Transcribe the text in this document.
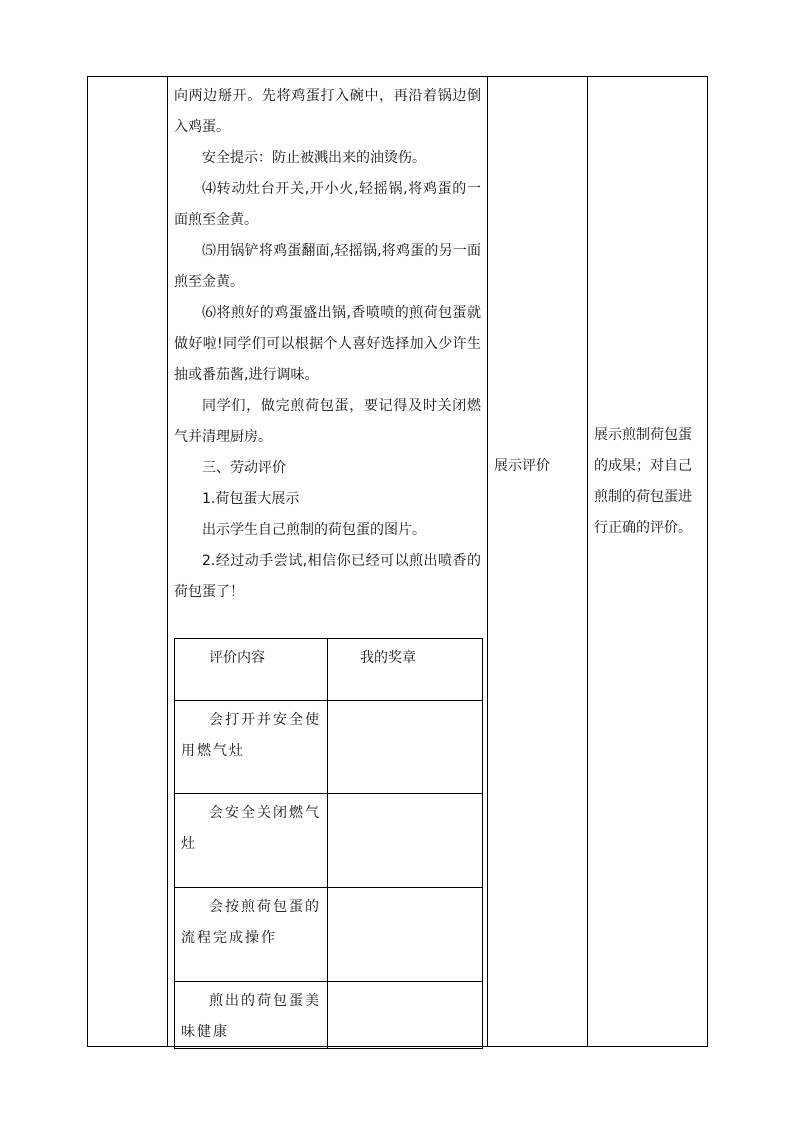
向两边掰开。先将鸡蛋打入碗中，再沿着锅边倒入鸡蛋。

安全提示：防止被溅出来的油烫伤。

⑷转动灶台开关,开小火,轻摇锅,将鸡蛋的一面煎至金黄。

⑸用锅铲将鸡蛋翻面,轻摇锅,将鸡蛋的另一面煎至金黄。

⑹将煎好的鸡蛋盛出锅,香喷喷的煎荷包蛋就做好啦!同学们可以根据个人喜好选择加入少许生抽或番茄酱,进行调味。

同学们，做完煎荷包蛋，要记得及时关闭燃气并清理厨房。

三、劳动评价

1.荷包蛋大展示

出示学生自己煎制的荷包蛋的图片。

2.经过动手尝试,相信你已经可以煎出喷香的荷包蛋了！

评价内容	我的奖章
会打开并安全使用燃气灶	
会安全关闭燃气灶	
会按煎荷包蛋的流程完成操作	
煎出的荷包蛋美味健康	

展示评价

展示煎制荷包蛋的成果；对自己煎制的荷包蛋进行正确的评价。
